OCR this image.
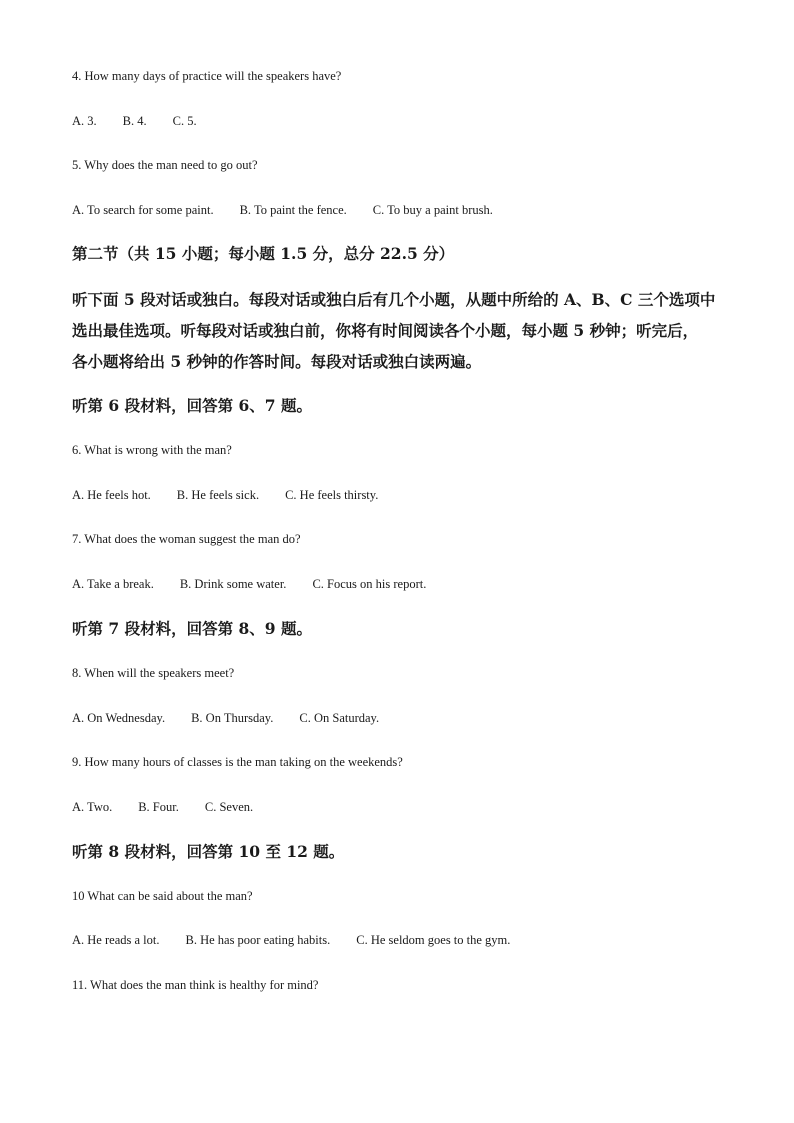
4. How many days of practice will the speakers have?
A. 3. B. 4. C. 5.
5. Why does the man need to go out?
A. To search for some paint. B. To paint the fence. C. To buy a paint brush.
第二节（共 15 小题；每小题 1.5 分，总分 22.5 分）
听下面 5 段对话或独白。每段对话或独白后有几个小题，从题中所给的 A、B、C 三个选项中
选出最佳选项。听每段对话或独白前，你将有时间阅读各个小题，每小题 5 秒钟；听完后，
各小题将给出 5 秒钟的作答时间。每段对话或独白读两遍。
听第 6 段材料，回答第 6、7 题。
6. What is wrong with the man?
A. He feels hot. B. He feels sick. C. He feels thirsty.
7. What does the woman suggest the man do?
A. Take a break. B. Drink some water. C. Focus on his report.
听第 7 段材料，回答第 8、9 题。
8. When will the speakers meet?
A. On Wednesday. B. On Thursday. C. On Saturday.
9. How many hours of classes is the man taking on the weekends?
A. Two. B. Four. C. Seven.
听第 8 段材料，回答第 10 至 12 题。
10 What can be said about the man?
A. He reads a lot. B. He has poor eating habits. C. He seldom goes to the gym.
11. What does the man think is healthy for mind?
